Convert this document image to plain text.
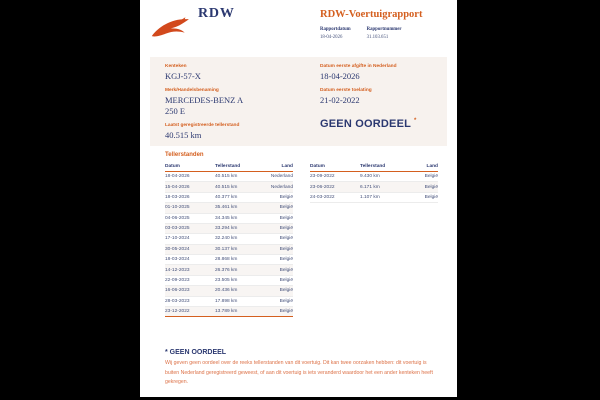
RDW	RDW-Voertuigrapport
Rapportdatum
18-04-2026
Rapportnummer
31.103.651
Kenteken
KGJ-57-X
Merk/Handelsbenaming
MERCEDES-BENZ A
250 E
Laatst geregistreerde tellerstand
40.515 km
Datum eerste afgifte in Nederland
18-04-2026
Datum eerste toelating
21-02-2022
GEEN OORDEEL *
Tellerstanden
Datum	Tellerstand	Land
18-04-2026	40.515 km	Nederland
15-04-2026	40.515 km	Nederland
18-03-2026	40.377 km	België
01-10-2025	35.461 km	België
04-06-2025	34.345 km	België
03-03-2025	33.294 km	België
17-10-2024	32.240 km	België
30-05-2024	30.137 km	België
18-03-2024	28.868 km	België
14-12-2023	26.376 km	België
22-09-2023	23.505 km	België
16-06-2023	20.436 km	België
28-03-2023	17.898 km	België
23-12-2022	13.789 km	België
Datum	Tellerstand	Land
23-09-2022	9.430 km	België
23-06-2022	6.171 km	België
24-03-2022	1.107 km	België
* GEEN OORDEEL
Wij geven geen oordeel over de reeks tellerstanden van dit voertuig. Dit kan twee oorzaken hebben: dit voertuig is buiten Nederland geregistreerd geweest, of aan dit voertuig is iets veranderd waardoor het een ander kenteken heeft gekregen.
